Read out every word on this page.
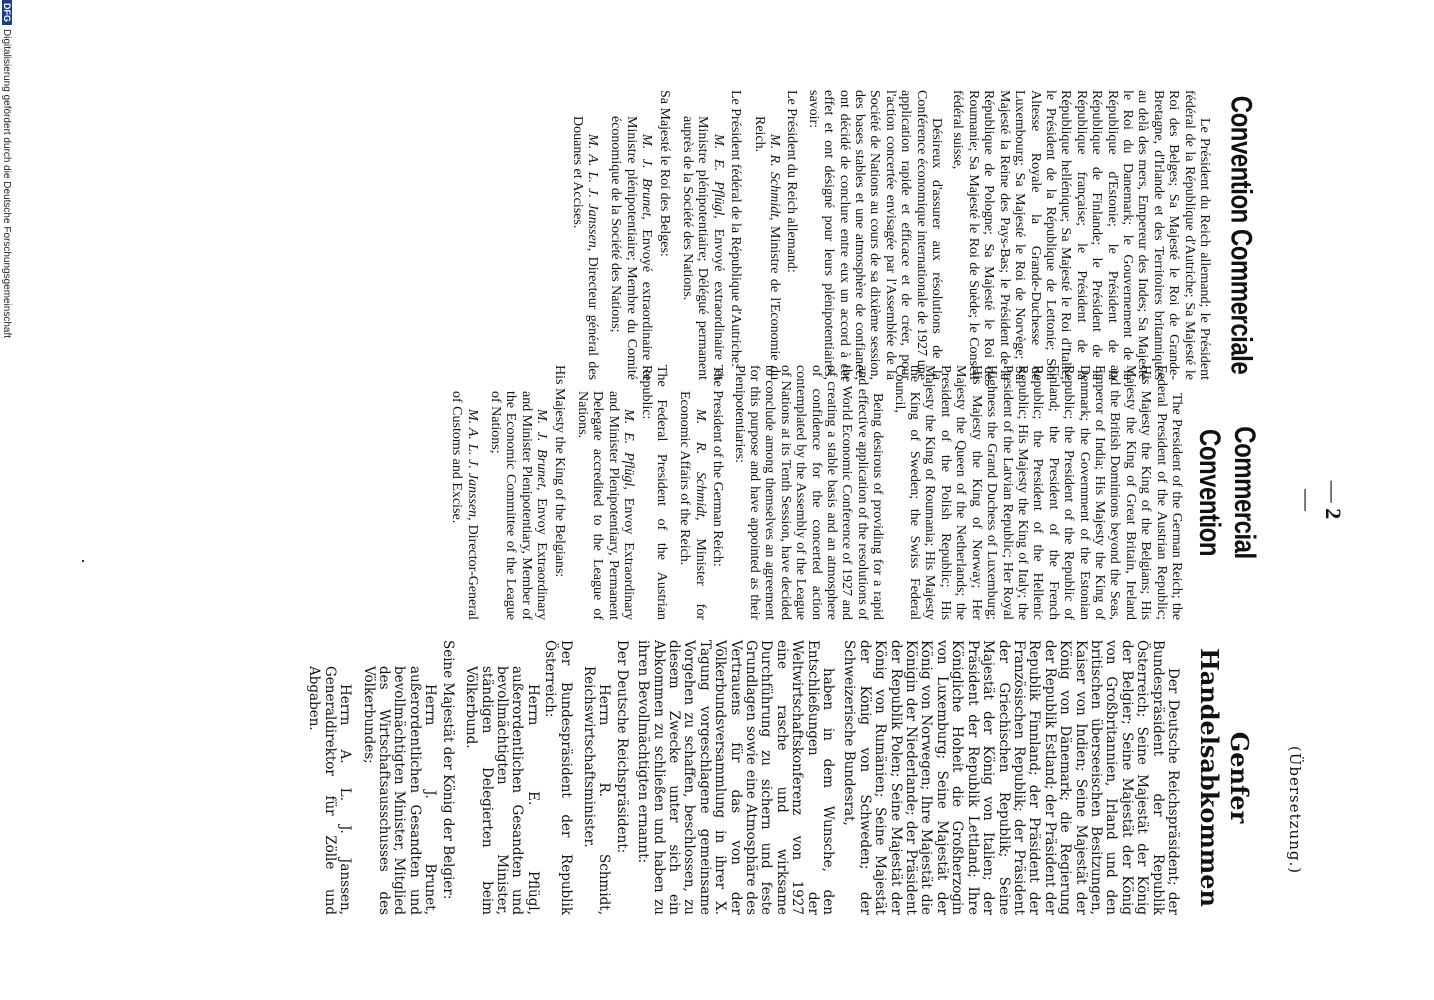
— 2 —
(Übersetzung.)
Convention Commerciale

Le Président du Reich allemand; le Président fédéral de la République d'Autriche; Sa Majesté le Roi des Belges; Sa Majesté le Roi de Grande-Bretagne, d'Irlande et des Territoires britanniques au delà des mers, Empereur des Indes; Sa Majesté le Roi du Danemark; le Gouvernement de la République d'Estonie; le Président de la République de Finlande; le Président de la République française; le Président de la République hellénique; Sa Majesté le Roi d'Italie; le Président de la République de Lettonie; Son Altesse Royale la Grande-Duchesse de Luxembourg; Sa Majesté le Roi de Norvège; Sa Majesté la Reine des Pays-Bas; le Président de la République de Pologne; Sa Majesté le Roi de Roumanie; Sa Majesté le Roi de Suède; le Conseil fédéral suisse,

Désireux d'assurer aux résolutions de la Conférence économique internationale de 1927 une application rapide et efficace et de créer, pour l'action concertée envisagée par l'Assemblée de la Société de Nations au cours de sa dixième session, des bases stables et une atmosphère de confiance, ont décidé de conclure entre eux un accord à cet effet et ont désigné pour leurs plénipotentiaires, savoir:

Le Président du Reich allemand:

M. R. Schmidt, Ministre de l'Economie du Reich.

Le Président fédéral de la République d'Autriche:

M. E. Pflügl, Envoyé extraordinaire et Ministre plénipotentiaire; Délégué permanent auprès de la Société des Nations.

Sa Majesté le Roi des Belges:

M. J. Brunet, Envoyé extraordinaire et Ministre plénipotentiaire; Membre du Comité économique de la Société des Nations;

M. A. L. J. Janssen, Directeur général des Douanes et Accises.

Commercial Convention

The President of the German Reich; the Federal President of the Austrian Republic; His Majesty the King of the Belgians; His Majesty the King of Great Britain, Ireland and the British Dominions beyond the Seas, Emperor of India; His Majesty the King of Denmark; the Government of the Estonian Republic; the President of the Republic of Finland; the President of the French Republic; the President of the Hellenic Republic; His Majesty the King of Italy; the President of the Latvian Republic; Her Royal Highness the Grand Duchess of Luxemburg; His Majesty the King of Norway; Her Majesty the Queen of the Netherlands; the President of the Polish Republic; His Majesty the King of Roumania; His Majesty the King of Sweden; the Swiss Federal Council,

Being desirous of providing for a rapid and effective application of the resolutions of the World Economic Conference of 1927 and of creating a stable basis and an atmosphere of confidence for the concerted action contemplated by the Assembly of the League of Nations at its Tenth Session, have decided to conclude among themselves an agreement for this purpose and have appointed as their Plenipotentiaries:

The President of the German Reich:

M. R. Schmidt, Minister for Economic Affairs of the Reich.

The Federal President of the Austrian Republic:

M. E. Pflügl, Envoy Extraordinary and Minister Plenipotentiary, Permanent Delegate accredited to the League of Nations.

His Majesty the King of the Belgians:

M. J. Brunet, Envoy Extraordinary and Minister Plenipotentiary, Member of the Economic Committee of the League of Nations;

M. A. L. J. Janssen, Director-General of Customs and Excise.

Genfer
Handelsabkommen

Der Deutsche Reichspräsident; der Bundespräsident der Republik Österreich; Seine Majestät der König der Belgier; Seine Majestät der König von Großbritannien, Irland und den britischen überseeischen Besitzungen, Kaiser von Indien; Seine Majestät der König von Dänemark; die Regierung der Republik Estland; der Präsident der Republik Finnland; der Präsident der Französischen Republik; der Präsident der Griechischen Republik; Seine Majestät der König von Italien; der Präsident der Republik Lettland; Ihre Königliche Hoheit die Großherzogin von Luxemburg; Seine Majestät der König von Norwegen; Ihre Majestät die Königin der Niederlande; der Präsident der Republik Polen; Seine Majestät der König von Rumänien; Seine Majestät der König von Schweden; der Schweizerische Bundesrat,

haben in dem Wunsche, den Entschließungen der Weltwirtschaftskonferenz von 1927 eine rasche und wirksame Durchführung zu sichern und feste Grundlagen sowie eine Atmosphäre des Vertrauens für das von der Völkerbundsversammlung in ihrer X. Tagung vorgeschlagene gemeinsame Vorgehen zu schaffen, beschlossen, zu diesem Zwecke unter sich ein Abkommen zu schließen und haben zu ihren Bevollmächtigten ernannt:

Der Deutsche Reichspräsident:

Herrn R. Schmidt, Reichswirtschaftsminister.

Der Bundespräsident der Republik Österreich:

Herrn E. Pflügl, außerordentlichen Gesandten und bevollmächtigten Minister, ständigen Delegierten beim Völkerbund.

Seine Majestät der König der Belgier:

Herrn J. Brunet, außerordentlichen Gesandten und bevollmächtigten Minister, Mitglied des Wirtschaftsausschusses des Völkerbundes;

Herrn A. L. J. Janssen, Generaldirektor für Zölle und Abgaben.

DFGDigitalisierung gefördert durch die Deutsche Forschungsgemeinschaft
